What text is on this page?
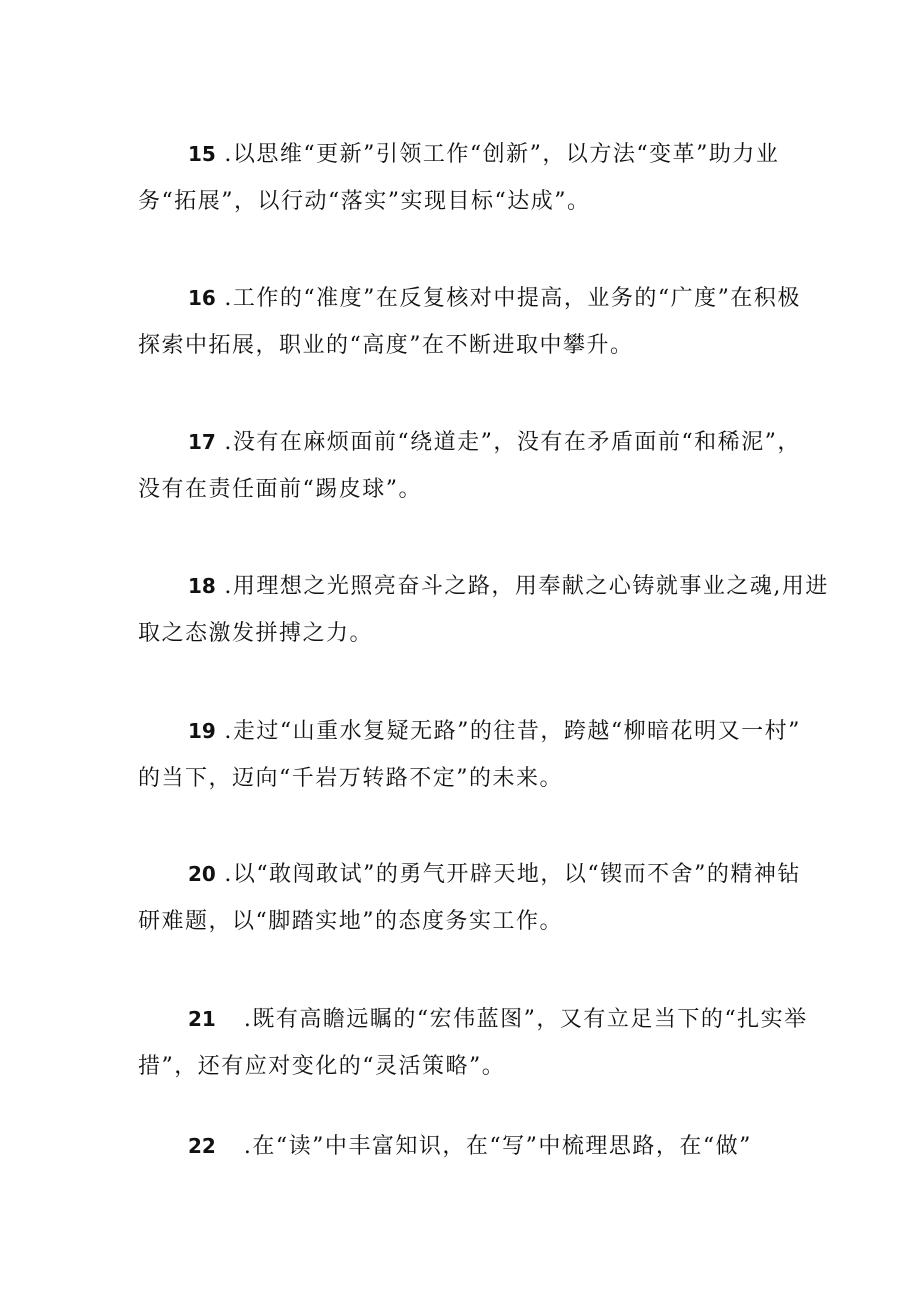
15 .以思维“更新”引领工作“创新”，以方法“变革”助力业
务“拓展”，以行动“落实”实现目标“达成”。
16 .工作的“准度”在反复核对中提高，业务的“广度”在积极
探索中拓展，职业的“高度”在不断进取中攀升。
17 .没有在麻烦面前“绕道走”，没有在矛盾面前“和稀泥”，
没有在责任面前“踢皮球”。
18 .用理想之光照亮奋斗之路，用奉献之心铸就事业之魂,用进
取之态激发拼搏之力。
19 .走过“山重水复疑无路”的往昔，跨越“柳暗花明又一村”
的当下，迈向“千岩万转路不定”的未来。
20 .以“敢闯敢试”的勇气开辟天地，以“锲而不舍”的精神钻
研难题，以“脚踏实地”的态度务实工作。
21 .既有高瞻远瞩的“宏伟蓝图”，又有立足当下的“扎实举
措”，还有应对变化的“灵活策略”。
22 .在“读”中丰富知识，在“写”中梳理思路，在“做”
